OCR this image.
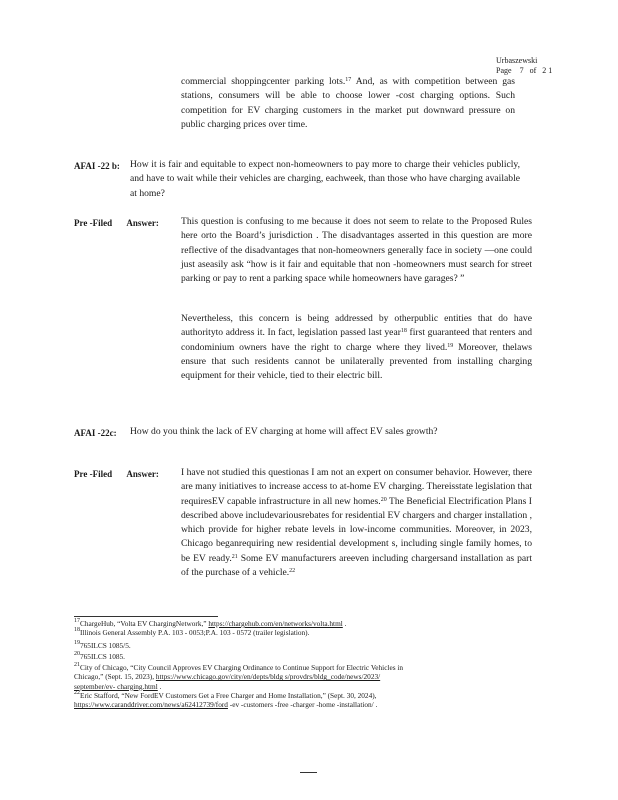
Urbaszewski
Page 7 of 2 1
commercial shoppingcenter parking lots.$^{17}$ And, as with competition between gas stations, consumers will be able to choose lower -cost charging options. Such competition for EV charging customers in the market put downward pressure on public charging prices over time.
AFAI -22 b: How it is fair and equitable to expect non-homeowners to pay more to charge their vehicles publicly, and have to wait while their vehicles are charging, eachweek, than those who have charging available at home?
Pre -Filed Answer: This question is confusing to me because it does not seem to relate to the Proposed Rules here orto the Board’s jurisdiction . The disadvantages asserted in this question are more reflective of the disadvantages that non-homeowners generally face in society —one could just aseasily ask “how is it fair and equitable that non -homeowners must search for street parking or pay to rent a parking space while homeowners have garages? ”
Nevertheless, this concern is being addressed by otherpublic entities that do have authorityto address it. In fact, legislation passed last year$^{18}$ first guaranteed that renters and condominium owners have the right to charge where they lived.$^{19}$ Moreover, thelaws ensure that such residents cannot be unilaterally prevented from installing charging equipment for their vehicle, tied to their electric bill.
AFAI -22c: How do you think the lack of EV charging at home will affect EV sales growth?
Pre -Filed Answer: I have not studied this questionas I am not an expert on consumer behavior. However, there are many initiatives to increase access to at-home EV charging. Thereisstate legislation that requiresEV capable infrastructure in all new homes.$^{20}$ The Beneficial Electrification Plans I described above includevariousrebates for residential EV chargers and charger installation , which provide for higher rebate levels in low-income communities. Moreover, in 2023, Chicago beganrequiring new residential development s, including single family homes, to be EV ready.$^{21}$ Some EV manufacturers areeven including chargersand installation as part of the purchase of a vehicle.$^{22}$
$^{17}$ChargeHub, “Volta EV ChargingNetwork,” https://chargehub.com/en/networks/volta.html .
$^{18}$Illinois General Assembly P.A. 103 - 0053;P.A. 103 - 0572 (trailer legislation).
$^{19}$765ILCS 1085/5.
$^{20}$765ILCS 1085.
$^{21}$City of Chicago, “City Council Approves EV Charging Ordinance to Continue Support for Electric Vehicles in
Chicago,” (Sept. 15, 2023), https://www.chicago.gov/city/en/depts/bldg s/provdrs/bldg_code/news/2023/
september/ev- charging.html .
$^{22}$Eric Stafford, “New FordEV Customers Get a Free Charger and Home Installation,” (Sept. 30, 2024),
https://www.caranddriver.com/news/a62412739/ford -ev -customers -free -charger -home -installation/ .
